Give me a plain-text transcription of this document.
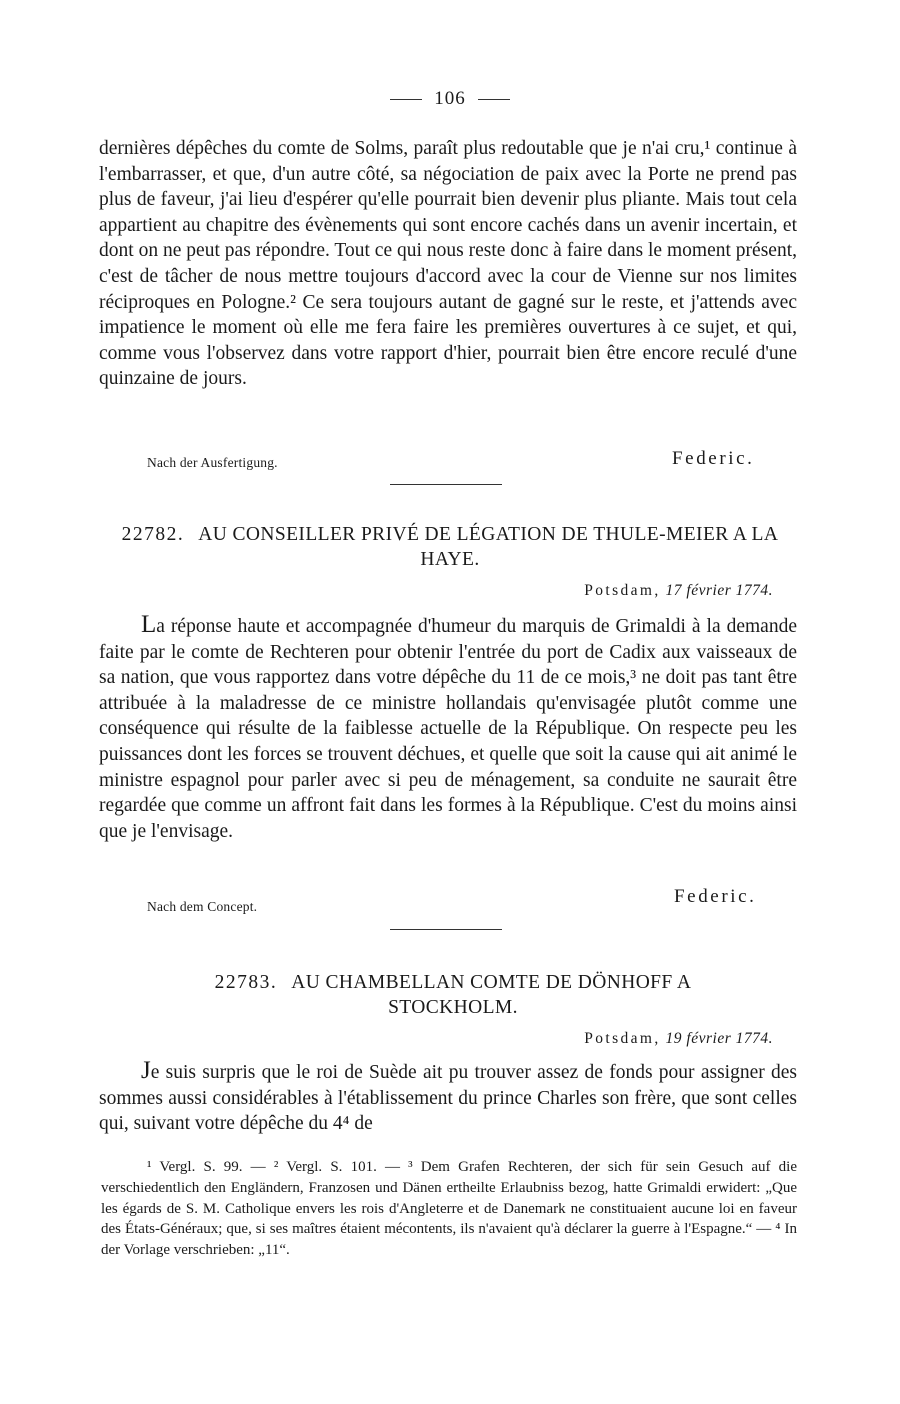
106

dernières dépêches du comte de Solms, paraît plus redoutable que je n'ai cru,¹ continue à l'embarrasser, et que, d'un autre côté, sa négociation de paix avec la Porte ne prend pas plus de faveur, j'ai lieu d'espérer qu'elle pourrait bien devenir plus pliante. Mais tout cela appartient au chapitre des évènements qui sont encore cachés dans un avenir incertain, et dont on ne peut pas répondre. Tout ce qui nous reste donc à faire dans le moment présent, c'est de tâcher de nous mettre toujours d'accord avec la cour de Vienne sur nos limites réciproques en Pologne.² Ce sera toujours autant de gagné sur le reste, et j'attends avec impatience le moment où elle me fera faire les premières ouvertures à ce sujet, et qui, comme vous l'observez dans votre rapport d'hier, pourrait bien être encore reculé d'une quinzaine de jours.

Nach der Ausfertigung.	Federic.
22782. AU CONSEILLER PRIVÉ DE LÉGATION DE THULE-MEIER A LA HAYE.
Potsdam, 17 février 1774.

La réponse haute et accompagnée d'humeur du marquis de Grimaldi à la demande faite par le comte de Rechteren pour obtenir l'entrée du port de Cadix aux vaisseaux de sa nation, que vous rapportez dans votre dépêche du 11 de ce mois,³ ne doit pas tant être attribuée à la maladresse de ce ministre hollandais qu'envisagée plutôt comme une conséquence qui résulte de la faiblesse actuelle de la République. On respecte peu les puissances dont les forces se trouvent déchues, et quelle que soit la cause qui ait animé le ministre espagnol pour parler avec si peu de ménagement, sa conduite ne saurait être regardée que comme un affront fait dans les formes à la République. C'est du moins ainsi que je l'envisage.

Nach dem Concept.	Federic.
22783. AU CHAMBELLAN COMTE DE DÖNHOFF A STOCKHOLM.
Potsdam, 19 février 1774.

Je suis surpris que le roi de Suède ait pu trouver assez de fonds pour assigner des sommes aussi considérables à l'établissement du prince Charles son frère, que sont celles qui, suivant votre dépêche du 4⁴ de

¹ Vergl. S. 99. — ² Vergl. S. 101. — ³ Dem Grafen Rechteren, der sich für sein Gesuch auf die verschiedentlich den Engländern, Franzosen und Dänen ertheilte Erlaubniss bezog, hatte Grimaldi erwidert: „Que les égards de S. M. Catholique envers les rois d'Angleterre et de Danemark ne constituaient aucune loi en faveur des États-Généraux; que, si ses maîtres étaient mécontents, ils n'avaient qu'à déclarer la guerre à l'Espagne.“ — ⁴ In der Vorlage verschrieben: „11“.
